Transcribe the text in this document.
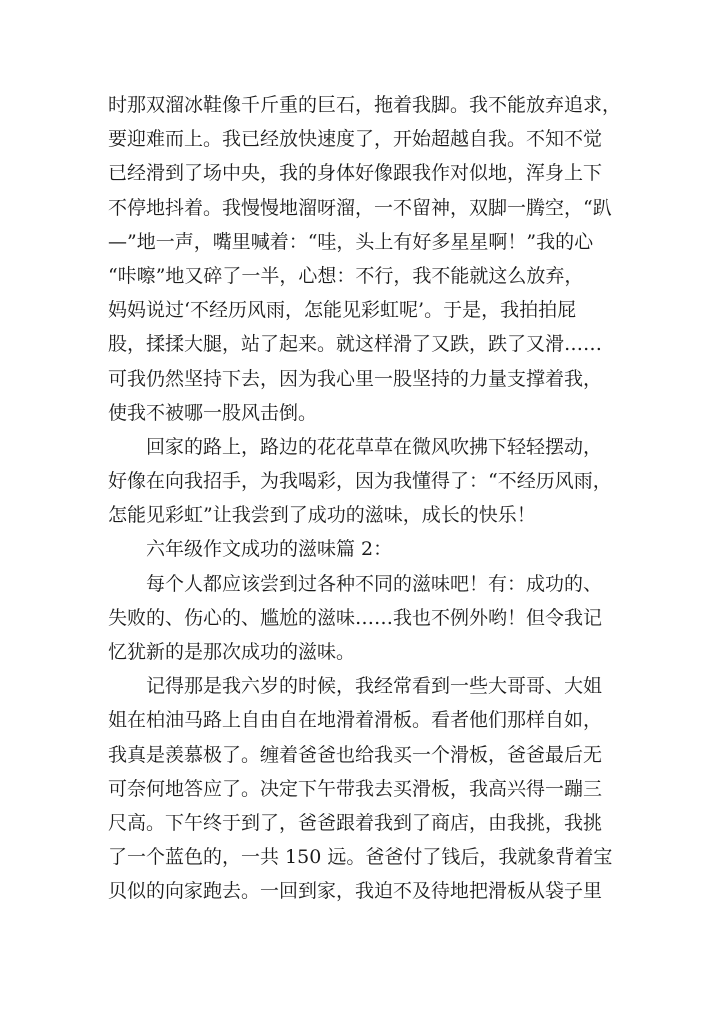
时那双溜冰鞋像千斤重的巨石，拖着我脚。我不能放弃追求，
要迎难而上。我已经放快速度了，开始超越自我。不知不觉
已经滑到了场中央，我的身体好像跟我作对似地，浑身上下
不停地抖着。我慢慢地溜呀溜，一不留神，双脚一腾空，“趴
—”地一声，嘴里喊着：“哇，头上有好多星星啊！”我的心
“咔嚓”地又碎了一半，心想：不行，我不能就这么放弃，
妈妈说过‘不经历风雨，怎能见彩虹呢’。于是，我拍拍屁
股，揉揉大腿，站了起来。就这样滑了又跌，跌了又滑……
可我仍然坚持下去，因为我心里一股坚持的力量支撑着我，
使我不被哪一股风击倒。
　　回家的路上，路边的花花草草在微风吹拂下轻轻摆动，
好像在向我招手，为我喝彩，因为我懂得了：“不经历风雨，
怎能见彩虹”让我尝到了成功的滋味，成长的快乐！
　　六年级作文成功的滋味篇 2：
　　每个人都应该尝到过各种不同的滋味吧！有：成功的、
失败的、伤心的、尴尬的滋味……我也不例外哟！但令我记
忆犹新的是那次成功的滋味。
　　记得那是我六岁的时候，我经常看到一些大哥哥、大姐
姐在柏油马路上自由自在地滑着滑板。看者他们那样自如，
我真是羡慕极了。缠着爸爸也给我买一个滑板，爸爸最后无
可奈何地答应了。决定下午带我去买滑板，我高兴得一蹦三
尺高。下午终于到了，爸爸跟着我到了商店，由我挑，我挑
了一个蓝色的，一共 150 远。爸爸付了钱后，我就象背着宝
贝似的向家跑去。一回到家，我迫不及待地把滑板从袋子里
